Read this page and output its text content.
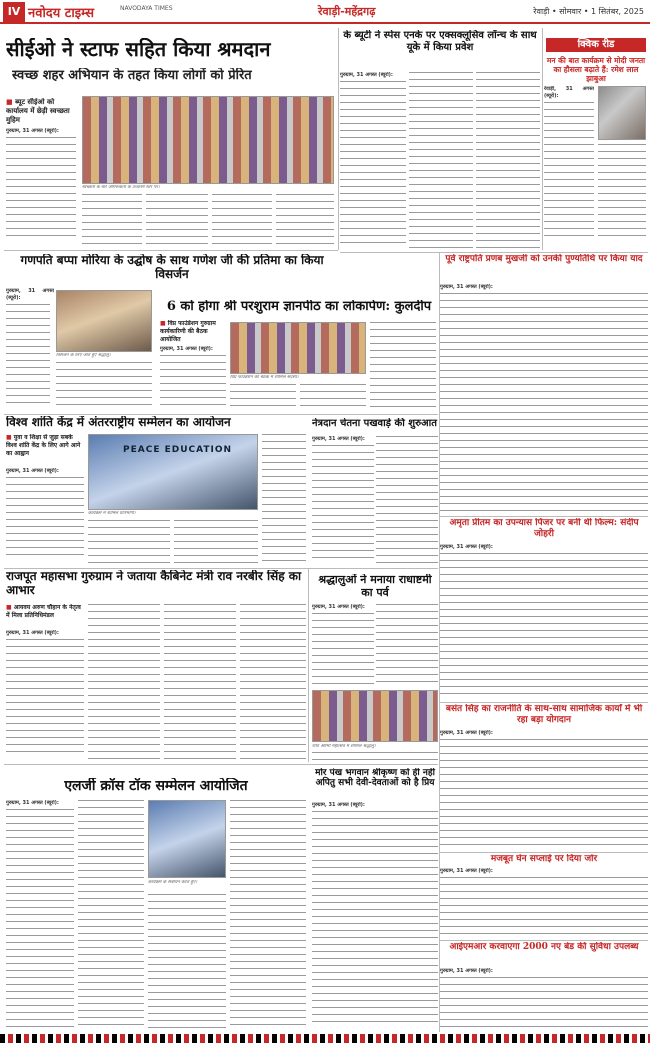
IV नवोदय टाइम्स	NAVODAYA TIMES	रेवाड़ी-महेंद्रगढ़	रेवाड़ी • सोमवार • 1 सितंबर, 2025
सीईओ ने स्टाफ सहित किया श्रमदान
स्वच्छ शहर अभियान के तहत किया लोगों को प्रेरित
■ ब्यूट सीईओ को कार्यालय में छेड़ी स्वच्छता मुहिम
गुरुग्राम, 31 अगस्त (ब्यूरो):
स्वच्छता के बारे जागरूकता के उच्चतम स्तर पर।
के ब्यूटी ने स्पेस एनके पर एक्सक्लूसिव लॉन्च के साथ यूके में किया प्रवेश
गुरुग्राम, 31 अगस्त (ब्यूरो):
क्विक रीड
मन की बात कार्यक्रम से मोदी जनता का हौसला बढ़ाते हैं: रमेश लाल झाबुआ
रेवाड़ी, 31 अगस्त (ब्यूरो):
पूर्व राष्ट्रपति प्रणब मुखर्जी को उनकी पुण्यतिथि पर किया याद
गुरुग्राम, 31 अगस्त (ब्यूरो):
गणपति बप्पा मोरिया के उद्घोष के साथ गणेश जी की प्रतिमा का किया विसर्जन
गुरुग्राम, 31 अगस्त (ब्यूरो):
विसर्जन के लिए जाते हुए श्रद्धालु।
6 को होगा श्री परशुराम ज्ञानपीठ का लोकार्पण: कुलदीप
■ विप्र फाउंडेशन गुरुग्राम कार्यकारिणी की बैठक आयोजित
गुरुग्राम, 31 अगस्त (ब्यूरो):
विप्र फाउंडेशन की बैठक में शामिल सदस्य।
विश्व शांति केंद्र में अंतरराष्ट्रीय सम्मेलन का आयोजन
■ युवा व शिक्षा से जुड़ा सबके विश्व शांति केंद्र के लिए आगे आने का आह्वान
गुरुग्राम, 31 अगस्त (ब्यूरो):
PEACE EDUCATION
कार्यक्रम में शामिल प्रतिभागी।
नेत्रदान चेतना पखवाड़े की शुरुआत
गुरुग्राम, 31 अगस्त (ब्यूरो):
अमृता प्रीतम का उपन्यास पिंजर पर बनी थी फिल्म: संदीप जोहरी
गुरुग्राम, 31 अगस्त (ब्यूरो):
राजपूत महासभा गुरुग्राम ने जताया कैबिनेट मंत्री राव नरबीर सिंह का आभार
■ आयवय अरुण चौहान के नेतृत्व में मिला प्रतिनिधिमंडल
गुरुग्राम, 31 अगस्त (ब्यूरो):
श्रद्धालुओं ने मनाया राधाष्टमी का पर्व
गुरुग्राम, 31 अगस्त (ब्यूरो):
राधा अष्टमी महोत्सव में शामिल श्रद्धालु।
बसंत सिंह का राजनीति के साथ-साथ सामाजिक कार्यों में भी रहा बड़ा योगदान
गुरुग्राम, 31 अगस्त (ब्यूरो):
एलर्जी क्रॉस टॉक सम्मेलन आयोजित
गुरुग्राम, 31 अगस्त (ब्यूरो):
कार्यक्रम के संबोधन करते हुए।
मोर पंख भगवान श्रीकृष्ण को ही नहीं अपितु सभी देवी-देवताओं को है प्रिय
गुरुग्राम, 31 अगस्त (ब्यूरो):
मजबूत घेन सप्लाई पर दिया जोर
गुरुग्राम, 31 अगस्त (ब्यूरो):
आईएमआर करवाएगा 2000 नए बेड की सुविधा उपलब्ध
गुरुग्राम, 31 अगस्त (ब्यूरो):
